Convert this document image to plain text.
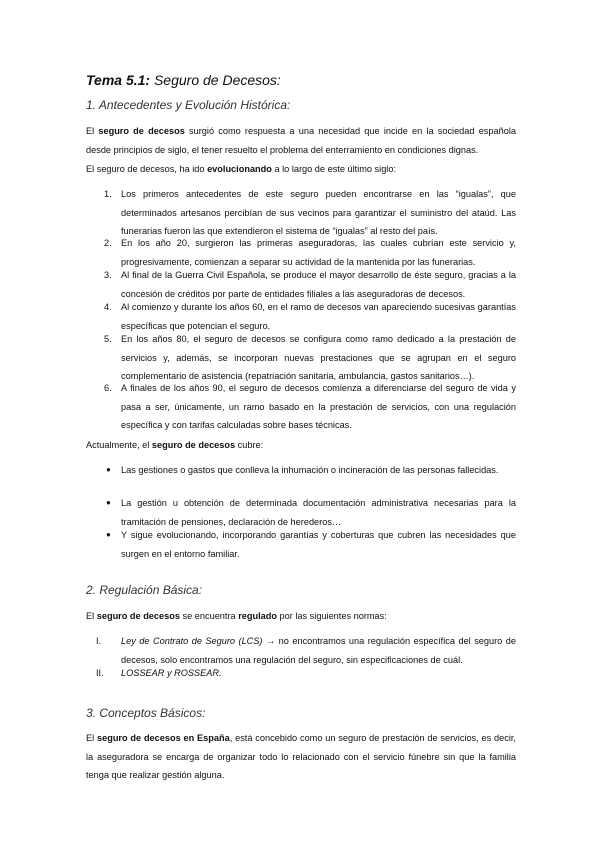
Tema 5.1: Seguro de Decesos:
1. Antecedentes y Evolución Histórica:
El seguro de decesos surgió como respuesta a una necesidad que incide en la sociedad española desde principios de siglo, el tener resuelto el problema del enterramiento en condiciones dignas.
El seguro de decesos, ha ido evolucionando a lo largo de este último siglo:
1.	Los primeros antecedentes de este seguro pueden encontrarse en las “igualas”, que determinados artesanos percibían de sus vecinos para garantizar el suministro del ataúd. Las funerarias fueron las que extendieron el sistema de “igualas” al resto del país.
2.	En los año 20, surgieron las primeras aseguradoras, las cuales cubrían este servicio y, progresivamente, comienzan a separar su actividad de la mantenida por las funerarias.
3.	Al final de la Guerra Civil Española, se produce el mayor desarrollo de éste seguro, gracias a la concesión de créditos por parte de entidades filiales a las aseguradoras de decesos.
4.	Al comienzo y durante los años 60, en el ramo de decesos van apareciendo sucesivas garantías específicas que potencian el seguro.
5.	En los años 80, el seguro de decesos se configura como ramo dedicado a la prestación de servicios y, además, se incorporan nuevas prestaciones que se agrupan en el seguro complementario de asistencia (repatriación sanitaria, ambulancia, gastos sanitarios…).
6.	A finales de los años 90, el seguro de decesos comienza a diferenciarse del seguro de vida y pasa a ser, únicamente, un ramo basado en la prestación de servicios, con una regulación específica y con tarifas calculadas sobre bases técnicas.
Actualmente, el seguro de decesos cubre:
●	Las gestiones o gastos que conlleva la inhumación o incineración de las personas fallecidas.
●	La gestión u obtención de determinada documentación administrativa necesarias para la tramitación de pensiones, declaración de herederos…
●	Y sigue evolucionando, incorporando garantías y coberturas que cubren las necesidades que surgen en el entorno familiar.
2. Regulación Básica:
El seguro de decesos se encuentra regulado por las siguientes normas:
I.	Ley de Contrato de Seguro (LCS) → no encontramos una regulación específica del seguro de decesos, solo encontramos una regulación del seguro, sin especificaciones de cuál.
II.	LOSSEAR y ROSSEAR.
3. Conceptos Básicos:
El seguro de decesos en España, está concebido como un seguro de prestación de servicios, es decir, la aseguradora se encarga de organizar todo lo relacionado con el servicio fúnebre sin que la familia tenga que realizar gestión alguna.
